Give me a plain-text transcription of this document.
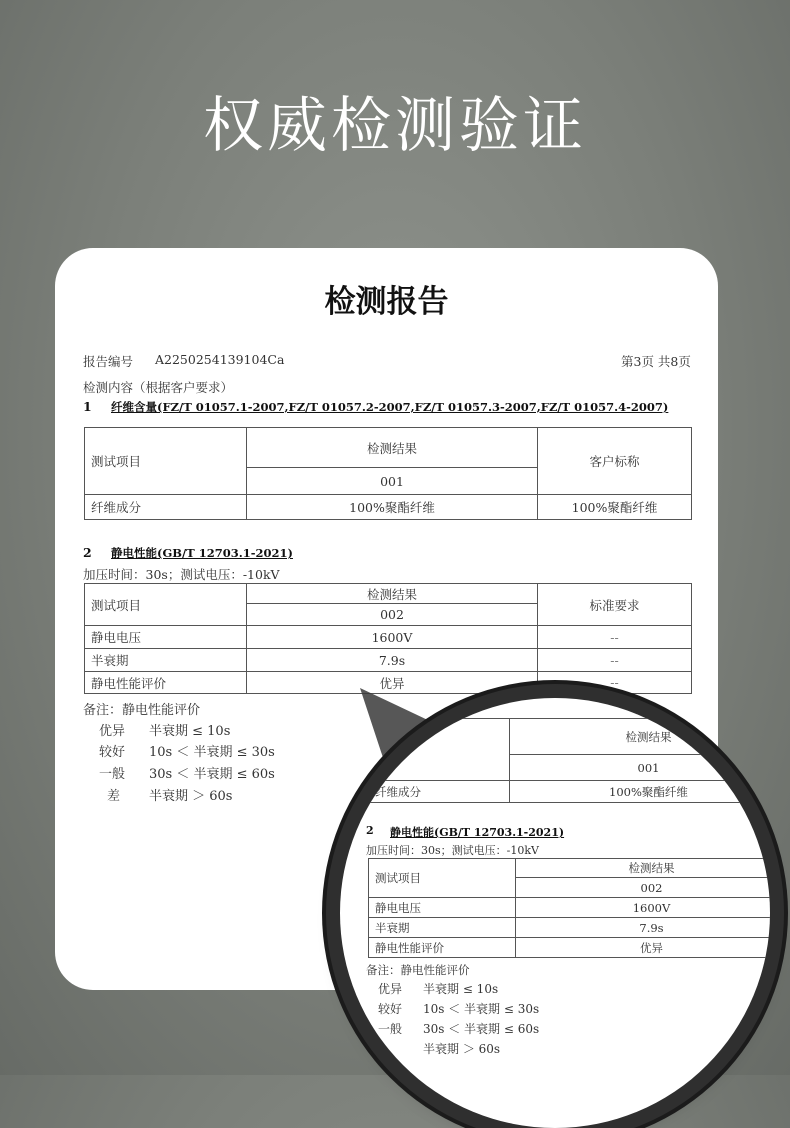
权威检测验证
检测报告
报告编号 A2250254139104Ca	第3页 共8页
检测内容（根据客户要求）
1 纤维含量(FZ/T 01057.1-2007,FZ/T 01057.2-2007,FZ/T 01057.3-2007,FZ/T 01057.4-2007)
测试项目	检测结果	客户标称
	001	
纤维成分	100%聚酯纤维	100%聚酯纤维
2 静电性能(GB/T 12703.1-2021)
加压时间：30s；测试电压：-10kV
测试项目	检测结果	标准要求
	002	
静电电压	1600V	--
半衰期	7.9s	--
静电性能评价	优异	--
备注：静电性能评价
优异 半衰期 ≤ 10s
较好 10s ＜ 半衰期 ≤ 30s
一般 30s ＜ 半衰期 ≤ 60s
差 半衰期 ＞ 60s
	检测结果
	001
纤维成分	100%聚酯纤维
2 静电性能(GB/T 12703.1-2021)
加压时间：30s；测试电压：-10kV
测试项目	检测结果
	002
静电电压	1600V
半衰期	7.9s
静电性能评价	优异
备注：静电性能评价
优异 半衰期 ≤ 10s
较好 10s ＜ 半衰期 ≤ 30s
一般 30s ＜ 半衰期 ≤ 60s
半衰期 ＞ 60s
